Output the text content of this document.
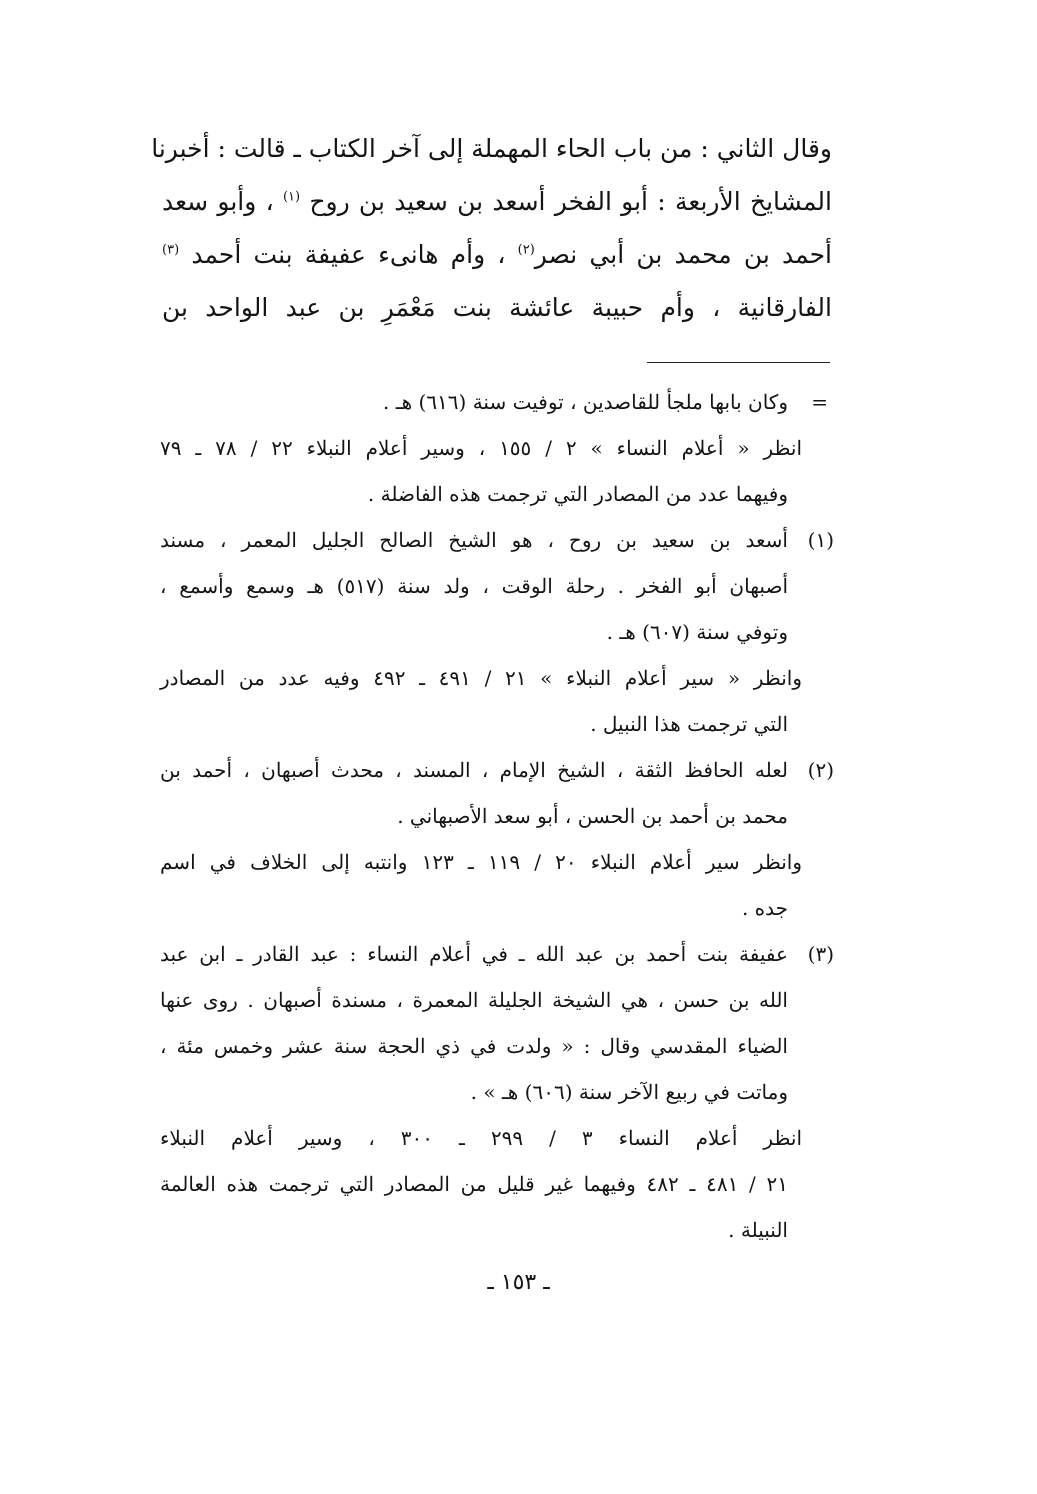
وقال الثاني : من باب الحاء المهملة إلى آخر الكتاب ـ قالت : أخبرنا
المشايخ الأربعة : أبو الفخر أسعد بن سعيد بن روح $^{(١)}$ ، وأبو سعد
أحمد بن محمد بن أبي نصر$^{(٢)}$ ، وأم هانىء عفيفة بنت أحمد $^{(٣)}$
الفارقانية ، وأم حبيبة عائشة بنت مَعْمَرِ بن عبد الواحد بن
=
وكان بابها ملجأ للقاصدين ، توفيت سنة (٦١٦) هـ .
انظر « أعلام النساء » ٢ / ١٥٥ ، وسير أعلام النبلاء ٢٢ / ٧٨ ـ ٧٩
وفيهما عدد من المصادر التي ترجمت هذه الفاضلة .
(١)
أسعد بن سعيد بن روح ، هو الشيخ الصالح الجليل المعمر ، مسند
أصبهان أبو الفخر . رحلة الوقت ، ولد سنة (٥١٧) هـ وسمع وأسمع ،
وتوفي سنة (٦٠٧) هـ .
وانظر « سير أعلام النبلاء » ٢١ / ٤٩١ ـ ٤٩٢ وفيه عدد من المصادر
التي ترجمت هذا النبيل .
(٢)
لعله الحافظ الثقة ، الشيخ الإمام ، المسند ، محدث أصبهان ، أحمد بن
محمد بن أحمد بن الحسن ، أبو سعد الأصبهاني .
وانظر سير أعلام النبلاء ٢٠ / ١١٩ ـ ١٢٣ وانتبه إلى الخلاف في اسم
جده .
(٣)
عفيفة بنت أحمد بن عبد الله ـ في أعلام النساء : عبد القادر ـ ابن عبد
الله بن حسن ، هي الشيخة الجليلة المعمرة ، مسندة أصبهان . روى عنها
الضياء المقدسي وقال : « ولدت في ذي الحجة سنة عشر وخمس مئة ،
وماتت في ربيع الآخر سنة (٦٠٦) هـ » .
انظر أعلام النساء ٣ / ٢٩٩ ـ ٣٠٠ ، وسير أعلام النبلاء
٢١ / ٤٨١ ـ ٤٨٢ وفيهما غير قليل من المصادر التي ترجمت هذه العالمة
النبيلة .
ـ ١٥٣ ـ
